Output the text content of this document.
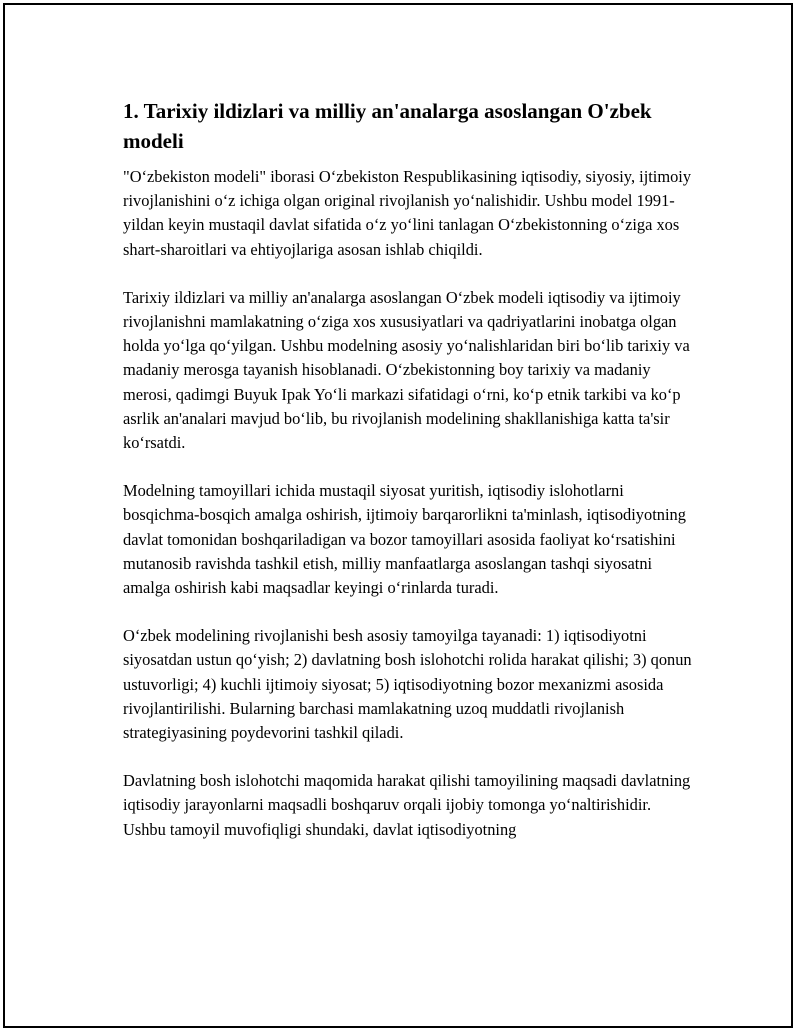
1. Tarixiy ildizlari va milliy an'analarga asoslangan O'zbek modeli

"O‘zbekiston modeli" iborasi O‘zbekiston Respublikasining iqtisodiy, siyosiy, ijtimoiy rivojlanishini o‘z ichiga olgan original rivojlanish yo‘nalishidir. Ushbu model 1991-yildan keyin mustaqil davlat sifatida o‘z yo‘lini tanlagan O‘zbekistonning o‘ziga xos shart-sharoitlari va ehtiyojlariga asosan ishlab chiqildi.

Tarixiy ildizlari va milliy an'analarga asoslangan O‘zbek modeli iqtisodiy va ijtimoiy rivojlanishni mamlakatning o‘ziga xos xususiyatlari va qadriyatlarini inobatga olgan holda yo‘lga qo‘yilgan. Ushbu modelning asosiy yo‘nalishlaridan biri bo‘lib tarixiy va madaniy merosga tayanish hisoblanadi. O‘zbekistonning boy tarixiy va madaniy merosi, qadimgi Buyuk Ipak Yo‘li markazi sifatidagi o‘rni, ko‘p etnik tarkibi va ko‘p asrlik an'analari mavjud bo‘lib, bu rivojlanish modelining shakllanishiga katta ta'sir ko‘rsatdi.

Modelning tamoyillari ichida mustaqil siyosat yuritish, iqtisodiy islohotlarni bosqichma-bosqich amalga oshirish, ijtimoiy barqarorlikni ta'minlash, iqtisodiyotning davlat tomonidan boshqariladigan va bozor tamoyillari asosida faoliyat ko‘rsatishini mutanosib ravishda tashkil etish, milliy manfaatlarga asoslangan tashqi siyosatni amalga oshirish kabi maqsadlar keyingi o‘rinlarda turadi.

O‘zbek modelining rivojlanishi besh asosiy tamoyilga tayanadi: 1) iqtisodiyotni siyosatdan ustun qo‘yish; 2) davlatning bosh islohotchi rolida harakat qilishi; 3) qonun ustuvorligi; 4) kuchli ijtimoiy siyosat; 5) iqtisodiyotning bozor mexanizmi asosida rivojlantirilishi. Bularning barchasi mamlakatning uzoq muddatli rivojlanish strategiyasining poydevorini tashkil qiladi.

Davlatning bosh islohotchi maqomida harakat qilishi tamoyilining maqsadi davlatning iqtisodiy jarayonlarni maqsadli boshqaruv orqali ijobiy tomonga yo‘naltirishidir. Ushbu tamoyil muvofiqligi shundaki, davlat iqtisodiyotning
